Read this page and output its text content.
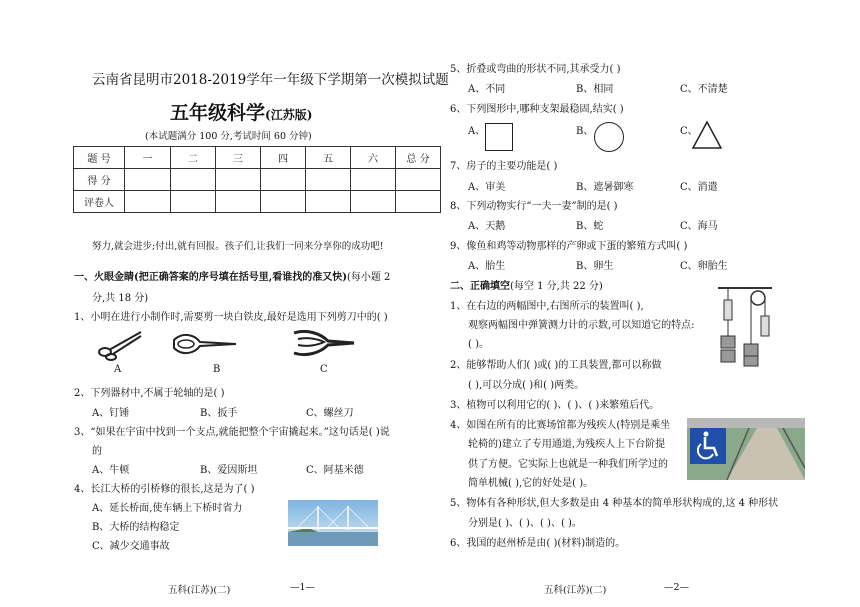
云南省昆明市2018-2019学年一年级下学期第一次模拟试题
五年级科学(江苏版)
(本试题满分 100 分,考试时间 60 分钟)
题 号	一	二	三	四	五	六	总 分
得 分							
评卷人							
努力,就会进步;付出,就有回报。孩子们,让我们一同来分享你的成功吧!
一、火眼金睛(把正确答案的序号填在括号里,看谁找的准又快)(每小题 2
分,共 18 分)
1、小明在进行小制作时,需要剪一块白铁皮,最好是选用下列剪刀中的( )
A	B	C
2、下列器材中,不属于轮轴的是( )
A、钉锤	B、扳手	C、螺丝刀
3、“如果在宇宙中找到一个支点,就能把整个宇宙撬起来。”这句话是( )说
的
A、牛顿	B、爱因斯坦	C、阿基米德
4、长江大桥的引桥修的很长,这是为了( )
A、延长桥面,使车辆上下桥时省力
B、大桥的结构稳定
C、减少交通事故
五科(江苏)(二)	—1—
5、折叠或弯曲的形状不同,其承受力( )
A、不同	B、相同	C、不清楚
6、下列图形中,哪种支架最稳固,结实( )
A、	B、	C、
7、房子的主要功能是( )
A、审美	B、遮暑御寒	C、消遣
8、下列动物实行“一夫一妻”制的是( )
A、天鹅	B、蛇	C、海马
9、像鱼和鸡等动物那样的产卵或下蛋的繁殖方式叫( )
A、胎生	B、卵生	C、卵胎生
二、正确填空(每空 1 分,共 22 分)
1、在右边的两幅图中,右图所示的装置叫( ),
观察两幅图中弹簧测力计的示数,可以知道它的特点:
( )。
2、能够帮助人们( )或( )的工具装置,都可以称做
( ),可以分成( )和( )两类。
3、植物可以利用它的( )、( )、( )来繁殖后代。
4、如图在所有的比赛场馆都为残疾人(特别是乘坐
轮椅的)建立了专用通道,为残疾人上下台阶提
供了方便。它实际上也就是一种我们所学过的
简单机械( ),它的好处是( )。
5、物体有各种形状,但大多数是由 4 种基本的简单形状构成的,这 4 种形状
分别是( )、( )、( )、( )。
6、我国的赵州桥是由( )(材料)制造的。
五科(江苏)(二)	—2—
